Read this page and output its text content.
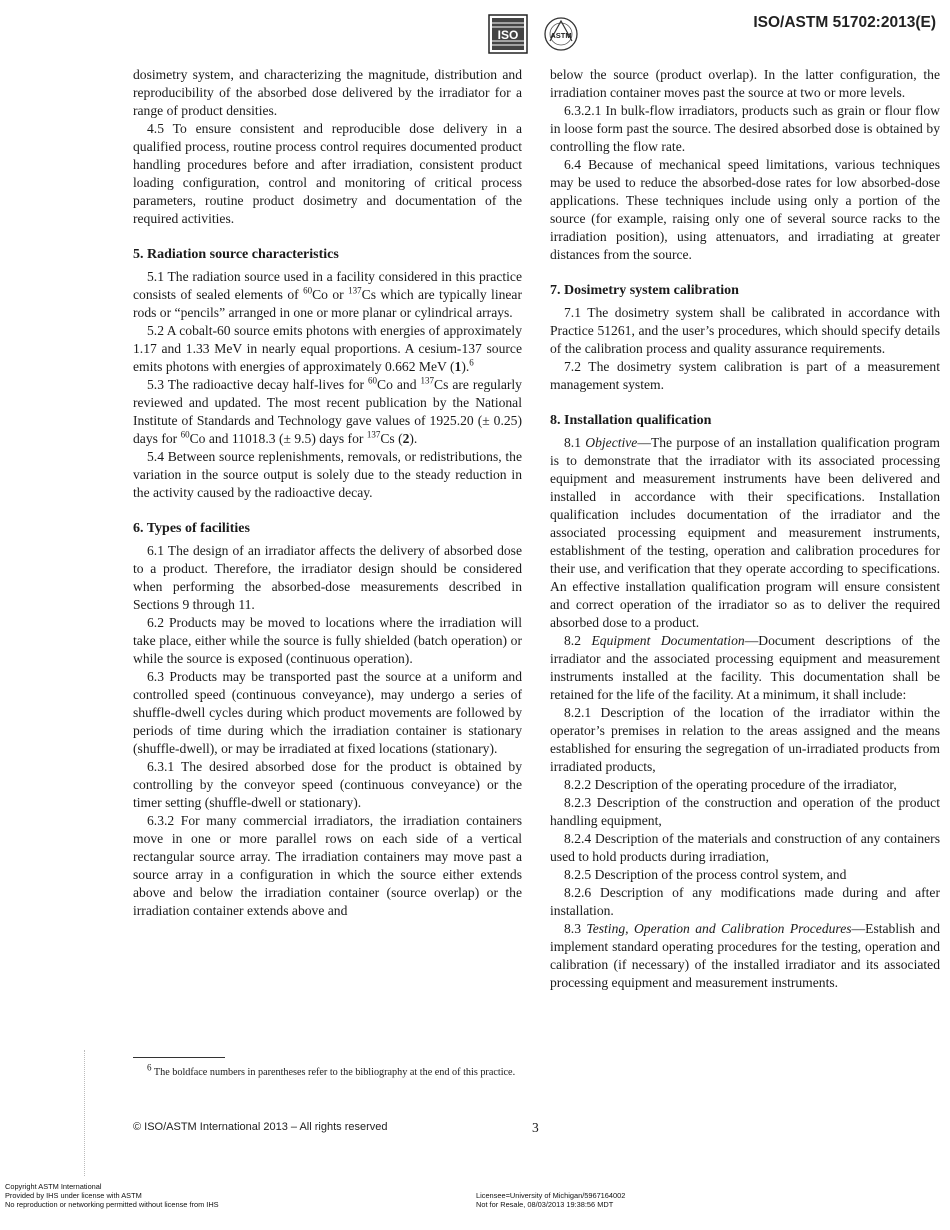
ISO	ASTM
ISO/ASTM 51702:2013(E)

dosimetry system, and characterizing the magnitude, distribution and reproducibility of the absorbed dose delivered by the irradiator for a range of product densities.

4.5 To ensure consistent and reproducible dose delivery in a qualified process, routine process control requires documented product handling procedures before and after irradiation, consistent product loading configuration, control and monitoring of critical process parameters, routine product dosimetry and documentation of the required activities.

5. Radiation source characteristics

5.1 The radiation source used in a facility considered in this practice consists of sealed elements of $^{60}$Co or $^{137}$Cs which are typically linear rods or “pencils” arranged in one or more planar or cylindrical arrays.

5.2 A cobalt-60 source emits photons with energies of approximately 1.17 and 1.33 MeV in nearly equal proportions. A cesium-137 source emits photons with energies of approximately 0.662 MeV (1).$^6$

5.3 The radioactive decay half-lives for $^{60}$Co and $^{137}$Cs are regularly reviewed and updated. The most recent publication by the National Institute of Standards and Technology gave values of 1925.20 (± 0.25) days for $^{60}$Co and 11018.3 (± 9.5) days for $^{137}$Cs (2).

5.4 Between source replenishments, removals, or redistributions, the variation in the source output is solely due to the steady reduction in the activity caused by the radioactive decay.

6. Types of facilities

6.1 The design of an irradiator affects the delivery of absorbed dose to a product. Therefore, the irradiator design should be considered when performing the absorbed-dose measurements described in Sections 9 through 11.

6.2 Products may be moved to locations where the irradiation will take place, either while the source is fully shielded (batch operation) or while the source is exposed (continuous operation).

6.3 Products may be transported past the source at a uniform and controlled speed (continuous conveyance), may undergo a series of shuffle-dwell cycles during which product movements are followed by periods of time during which the irradiation container is stationary (shuffle-dwell), or may be irradiated at fixed locations (stationary).

6.3.1 The desired absorbed dose for the product is obtained by controlling by the conveyor speed (continuous conveyance) or the timer setting (shuffle-dwell or stationary).

6.3.2 For many commercial irradiators, the irradiation containers move in one or more parallel rows on each side of a vertical rectangular source array. The irradiation containers may move past a source array in a configuration in which the source either extends above and below the irradiation container (source overlap) or the irradiation container extends above and

below the source (product overlap). In the latter configuration, the irradiation container moves past the source at two or more levels.

6.3.2.1 In bulk-flow irradiators, products such as grain or flour flow in loose form past the source. The desired absorbed dose is obtained by controlling the flow rate.

6.4 Because of mechanical speed limitations, various techniques may be used to reduce the absorbed-dose rates for low absorbed-dose applications. These techniques include using only a portion of the source (for example, raising only one of several source racks to the irradiation position), using attenuators, and irradiating at greater distances from the source.

7. Dosimetry system calibration

7.1 The dosimetry system shall be calibrated in accordance with Practice 51261, and the user’s procedures, which should specify details of the calibration process and quality assurance requirements.

7.2 The dosimetry system calibration is part of a measurement management system.

8. Installation qualification

8.1 Objective—The purpose of an installation qualification program is to demonstrate that the irradiator with its associated processing equipment and measurement instruments have been delivered and installed in accordance with their specifications. Installation qualification includes documentation of the irradiator and the associated processing equipment and measurement instruments, establishment of the testing, operation and calibration procedures for their use, and verification that they operate according to specifications. An effective installation qualification program will ensure consistent and correct operation of the irradiator so as to deliver the required absorbed dose to a product.

8.2 Equipment Documentation—Document descriptions of the irradiator and the associated processing equipment and measurement instruments installed at the facility. This documentation shall be retained for the life of the facility. At a minimum, it shall include:

8.2.1 Description of the location of the irradiator within the operator’s premises in relation to the areas assigned and the means established for ensuring the segregation of un-irradiated products from irradiated products,

8.2.2 Description of the operating procedure of the irradiator,

8.2.3 Description of the construction and operation of the product handling equipment,

8.2.4 Description of the materials and construction of any containers used to hold products during irradiation,

8.2.5 Description of the process control system, and

8.2.6 Description of any modifications made during and after installation.

8.3 Testing, Operation and Calibration Procedures—Establish and implement standard operating procedures for the testing, operation and calibration (if necessary) of the installed irradiator and its associated processing equipment and measurement instruments.

$^6$ The boldface numbers in parentheses refer to the bibliography at the end of this practice.
© ISO/ASTM International 2013 – All rights reserved	3
Copyright ASTM International
Provided by IHS under license with ASTM
No reproduction or networking permitted without license from IHS
Licensee=University of Michigan/5967164002
Not for Resale, 08/03/2013 19:38:56 MDT
